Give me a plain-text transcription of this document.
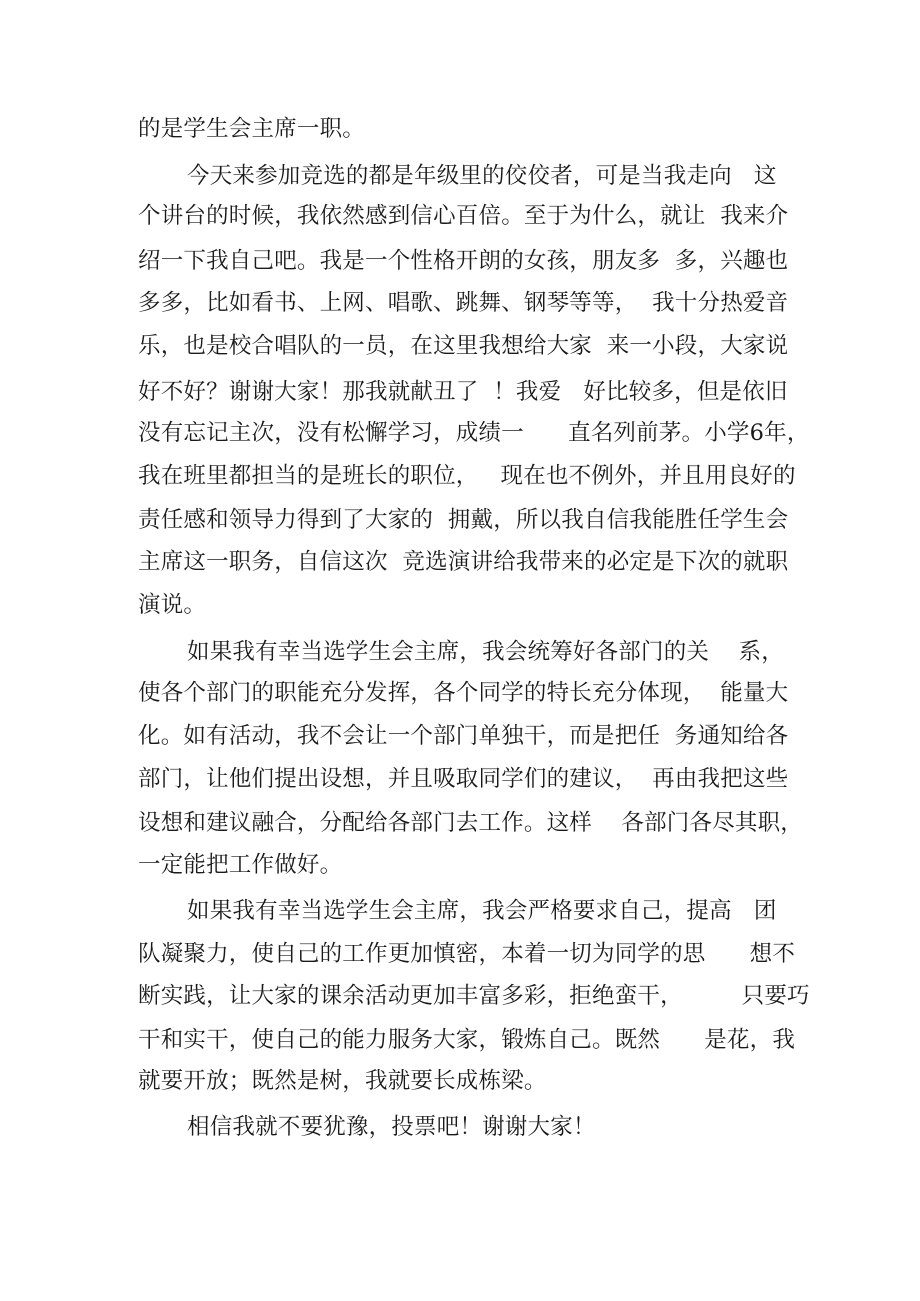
的是学生会主席一职。
今天来参加竞选的都是年级里的佼佼者，可是当我走向   这
个讲台的时候，我依然感到信心百倍。至于为什么，就让  我来介
绍一下我自己吧。我是一个性格开朗的女孩，朋友多  多，兴趣也
多多，比如看书、上网、唱歌、跳舞、钢琴等等，  我十分热爱音
乐，也是校合唱队的一员，在这里我想给大家  来一小段，大家说
好不好？谢谢大家！那我就献丑了  ！我爱   好比较多，但是依旧
没有忘记主次，没有松懈学习，成绩一      直名列前茅。小学6年，
我在班里都担当的是班长的职位，   现在也不例外，并且用良好的
责任感和领导力得到了大家的  拥戴，所以我自信我能胜任学生会
主席这一职务，自信这次  竞选演讲给我带来的必定是下次的就职
演说。
如果我有幸当选学生会主席，我会统筹好各部门的关    系，
使各个部门的职能充分发挥，各个同学的特长充分体现，  能量大
化。如有活动，我不会让一个部门单独干，而是把任  务通知给各
部门，让他们提出设想，并且吸取同学们的建议，  再由我把这些
设想和建议融合，分配给各部门去工作。这样    各部门各尽其职，
一定能把工作做好。
如果我有幸当选学生会主席，我会严格要求自己，提高   团
队凝聚力，使自己的工作更加慎密，本着一切为同学的思      想不
断实践，让大家的课余活动更加丰富多彩，拒绝蛮干，        只要巧
干和实干，使自己的能力服务大家，锻炼自己。既然      是花，我
就要开放；既然是树，我就要长成栋梁。
相信我就不要犹豫，投票吧！谢谢大家！
